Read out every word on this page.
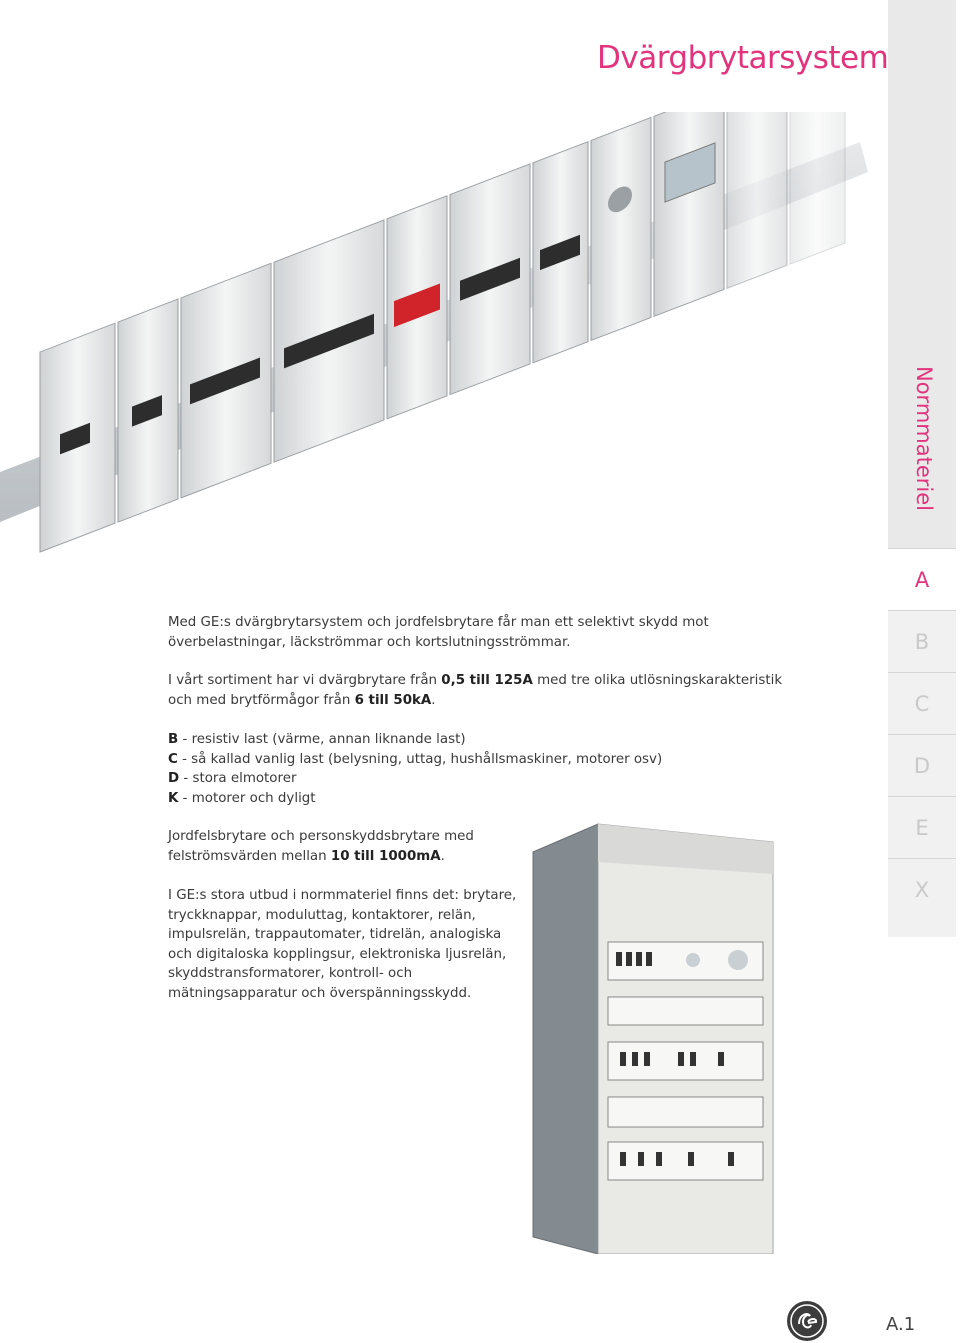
Dvärgbrytarsystem
Normmateriel
A
B
C
D
E
X
Med GE:s dvärgbrytarsystem och jordfelsbrytare får man ett selektivt skydd mot överbelastningar, läckströmmar och kortslutningsströmmar.
I vårt sortiment har vi dvärgbrytare från 0,5 till 125A med tre olika utlösningskarakteristik och med brytförmågor från 6 till 50kA.
B - resistiv last (värme, annan liknande last)
C - så kallad vanlig last (belysning, uttag, hushållsmaskiner, motorer osv)
D - stora elmotorer
K - motorer och dyligt
Jordfelsbrytare och personskyddsbrytare med
felströmsvärden mellan 10 till 1000mA.
I GE:s stora utbud i normmateriel finns det: brytare,
tryckknappar, moduluttag, kontaktorer, relän,
impulsrelän, trappautomater, tidrelän, analogiska
och digitaloska kopplingsur, elektroniska ljusrelän,
skyddstransformatorer, kontroll- och
mätningsapparatur och överspänningsskydd.
A.1
